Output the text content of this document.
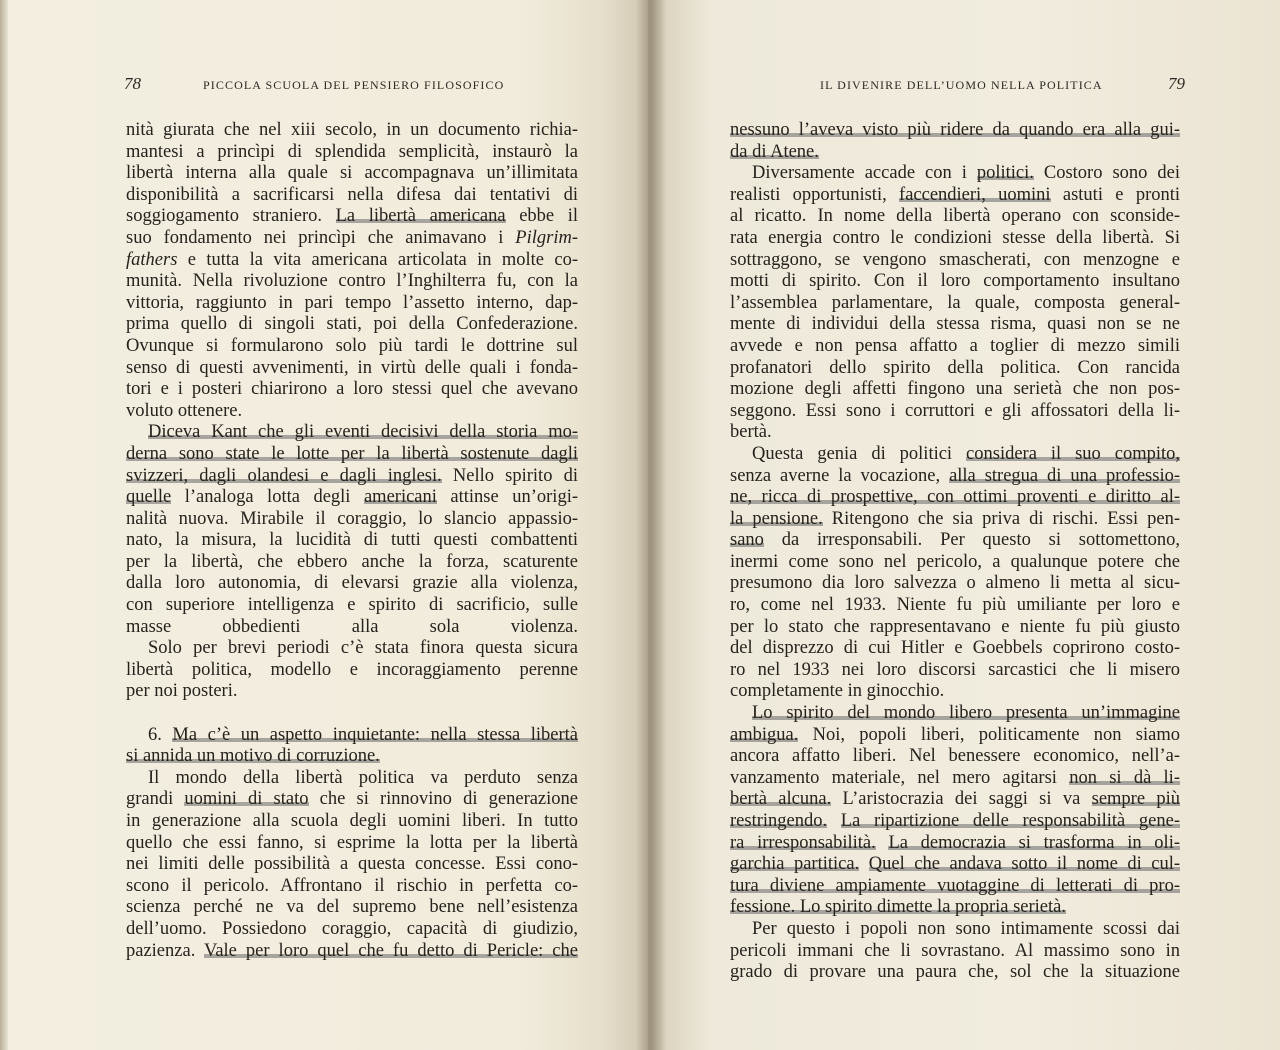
78	PICCOLA SCUOLA DEL PENSIERO FILOSOFICO
nità giurata che nel xiii secolo, in un documento richia-
mantesi a princìpi di splendida semplicità, instaurò la
libertà interna alla quale si accompagnava un’illimitata
disponibilità a sacrificarsi nella difesa dai tentativi di
soggiogamento straniero. La libertà americana ebbe il
suo fondamento nei princìpi che animavano i Pilgrim-
fathers e tutta la vita americana articolata in molte co-
munità. Nella rivoluzione contro l’Inghilterra fu, con la
vittoria, raggiunto in pari tempo l’assetto interno, dap-
prima quello di singoli stati, poi della Confederazione.
Ovunque si formularono solo più tardi le dottrine sul
senso di questi avvenimenti, in virtù delle quali i fonda-
tori e i posteri chiarirono a loro stessi quel che avevano
voluto ottenere.
Diceva Kant che gli eventi decisivi della storia mo-
derna sono state le lotte per la libertà sostenute dagli
svizzeri, dagli olandesi e dagli inglesi. Nello spirito di
quelle l’analoga lotta degli americani attinse un’origi-
nalità nuova. Mirabile il coraggio, lo slancio appassio-
nato, la misura, la lucidità di tutti questi combattenti
per la libertà, che ebbero anche la forza, scaturente
dalla loro autonomia, di elevarsi grazie alla violenza,
con superiore intelligenza e spirito di sacrificio, sulle
masse obbedienti alla sola violenza.
Solo per brevi periodi c’è stata finora questa sicura
libertà politica, modello e incoraggiamento perenne
per noi posteri.
6. Ma c’è un aspetto inquietante: nella stessa libertà
si annida un motivo di corruzione.
Il mondo della libertà politica va perduto senza
grandi uomini di stato che si rinnovino di generazione
in generazione alla scuola degli uomini liberi. In tutto
quello che essi fanno, si esprime la lotta per la libertà
nei limiti delle possibilità a questa concesse. Essi cono-
scono il pericolo. Affrontano il rischio in perfetta co-
scienza perché ne va del supremo bene nell’esistenza
dell’uomo. Possiedono coraggio, capacità di giudizio,
pazienza. Vale per loro quel che fu detto di Pericle: che
IL DIVENIRE DELL’UOMO NELLA POLITICA	79
nessuno l’aveva visto più ridere da quando era alla gui-
da di Atene.
Diversamente accade con i politici. Costoro sono dei
realisti opportunisti, faccendieri, uomini astuti e pronti
al ricatto. In nome della libertà operano con sconside-
rata energia contro le condizioni stesse della libertà. Si
sottraggono, se vengono smascherati, con menzogne e
motti di spirito. Con il loro comportamento insultano
l’assemblea parlamentare, la quale, composta general-
mente di individui della stessa risma, quasi non se ne
avvede e non pensa affatto a toglier di mezzo simili
profanatori dello spirito della politica. Con rancida
mozione degli affetti fingono una serietà che non pos-
seggono. Essi sono i corruttori e gli affossatori della li-
bertà.
Questa genia di politici considera il suo compito,
senza averne la vocazione, alla stregua di una professio-
ne, ricca di prospettive, con ottimi proventi e diritto al-
la pensione. Ritengono che sia priva di rischi. Essi pen-
sano da irresponsabili. Per questo si sottomettono,
inermi come sono nel pericolo, a qualunque potere che
presumono dia loro salvezza o almeno li metta al sicu-
ro, come nel 1933. Niente fu più umiliante per loro e
per lo stato che rappresentavano e niente fu più giusto
del disprezzo di cui Hitler e Goebbels coprirono costo-
ro nel 1933 nei loro discorsi sarcastici che li misero
completamente in ginocchio.
Lo spirito del mondo libero presenta un’immagine
ambigua. Noi, popoli liberi, politicamente non siamo
ancora affatto liberi. Nel benessere economico, nell’a-
vanzamento materiale, nel mero agitarsi non si dà li-
bertà alcuna. L’aristocrazia dei saggi si va sempre più
restringendo. La ripartizione delle responsabilità gene-
ra irresponsabilità. La democrazia si trasforma in oli-
garchia partitica. Quel che andava sotto il nome di cul-
tura diviene ampiamente vuotaggine di letterati di pro-
fessione. Lo spirito dimette la propria serietà.
Per questo i popoli non sono intimamente scossi dai
pericoli immani che li sovrastano. Al massimo sono in
grado di provare una paura che, sol che la situazione
